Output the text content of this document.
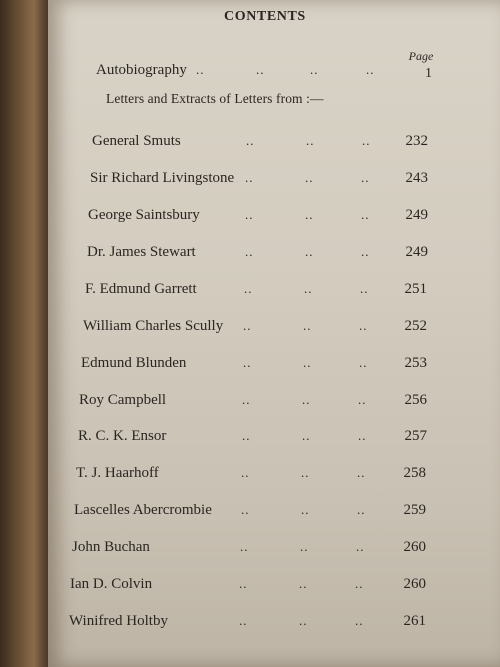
CONTENTS
Page
Autobiography ..	..	..	..	1
Letters and Extracts of Letters from :—
General Smuts	..	..	..	232
Sir Richard Livingstone ..	..	..	243
George Saintsbury	..	..	..	249
Dr. James Stewart	..	..	..	249
F. Edmund Garrett	..	..	..	251
William Charles Scully ..	..	..	252
Edmund Blunden	..	..	..	253
Roy Campbell	..	..	..	256
R. C. K. Ensor	..	..	..	257
T. J. Haarhoff	..	..	..	258
Lascelles Abercrombie ..	..	..	259
John Buchan	..	..	..	260
Ian D. Colvin	..	..	..	260
Winifred Holtby	..	..	..	261
